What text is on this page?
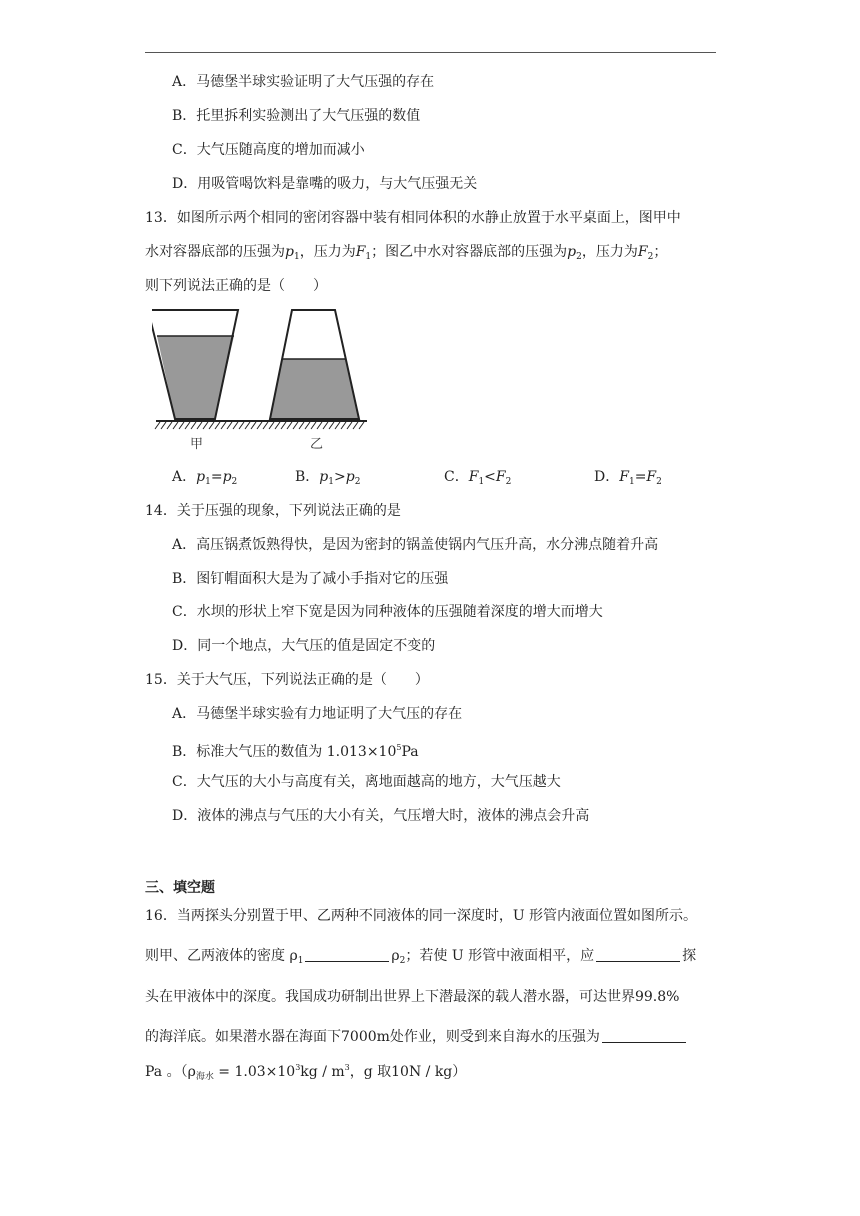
A．马德堡半球实验证明了大气压强的存在
B．托里拆利实验测出了大气压强的数值
C．大气压随高度的增加而减小
D．用吸管喝饮料是靠嘴的吸力，与大气压强无关
13．如图所示两个相同的密闭容器中装有相同体积的水静止放置于水平桌面上，图甲中
水对容器底部的压强为$p_1$，压力为$F_1$；图乙中水对容器底部的压强为$p_2$，压力为$F_2$；
则下列说法正确的是（　　）
甲	乙
A．$p_1=p_2$	B．$p_1>p_2$	C．$F_1<F_2$	D．$F_1=F_2$
14．关于压强的现象，下列说法正确的是
A．高压锅煮饭熟得快，是因为密封的锅盖使锅内气压升高，水分沸点随着升高
B．图钉帽面积大是为了减小手指对它的压强
C．水坝的形状上窄下宽是因为同种液体的压强随着深度的增大而增大
D．同一个地点，大气压的值是固定不变的
15．关于大气压，下列说法正确的是（　　）
A．马德堡半球实验有力地证明了大气压的存在
B．标准大气压的数值为 $1.013\times 10^5Pa$
C．大气压的大小与高度有关，离地面越高的地方，大气压越大
D．液体的沸点与气压的大小有关，气压增大时，液体的沸点会升高
三、填空题
16．当两探头分别置于甲、乙两种不同液体的同一深度时，U 形管内液面位置如图所示。
则甲、乙两液体的密度 $\rho_1$	$\rho_2$；若使 U 形管中液面相平，应	探
头在甲液体中的深度。我国成功研制出世界上下潜最深的载人潜水器，可达世界99.8%
的海洋底。如果潜水器在海面下7000m处作业，则受到来自海水的压强为
Pa 。（$\rho_{海水} = 1.03\times 10^3kg / m^3$，g 取10N / kg）
